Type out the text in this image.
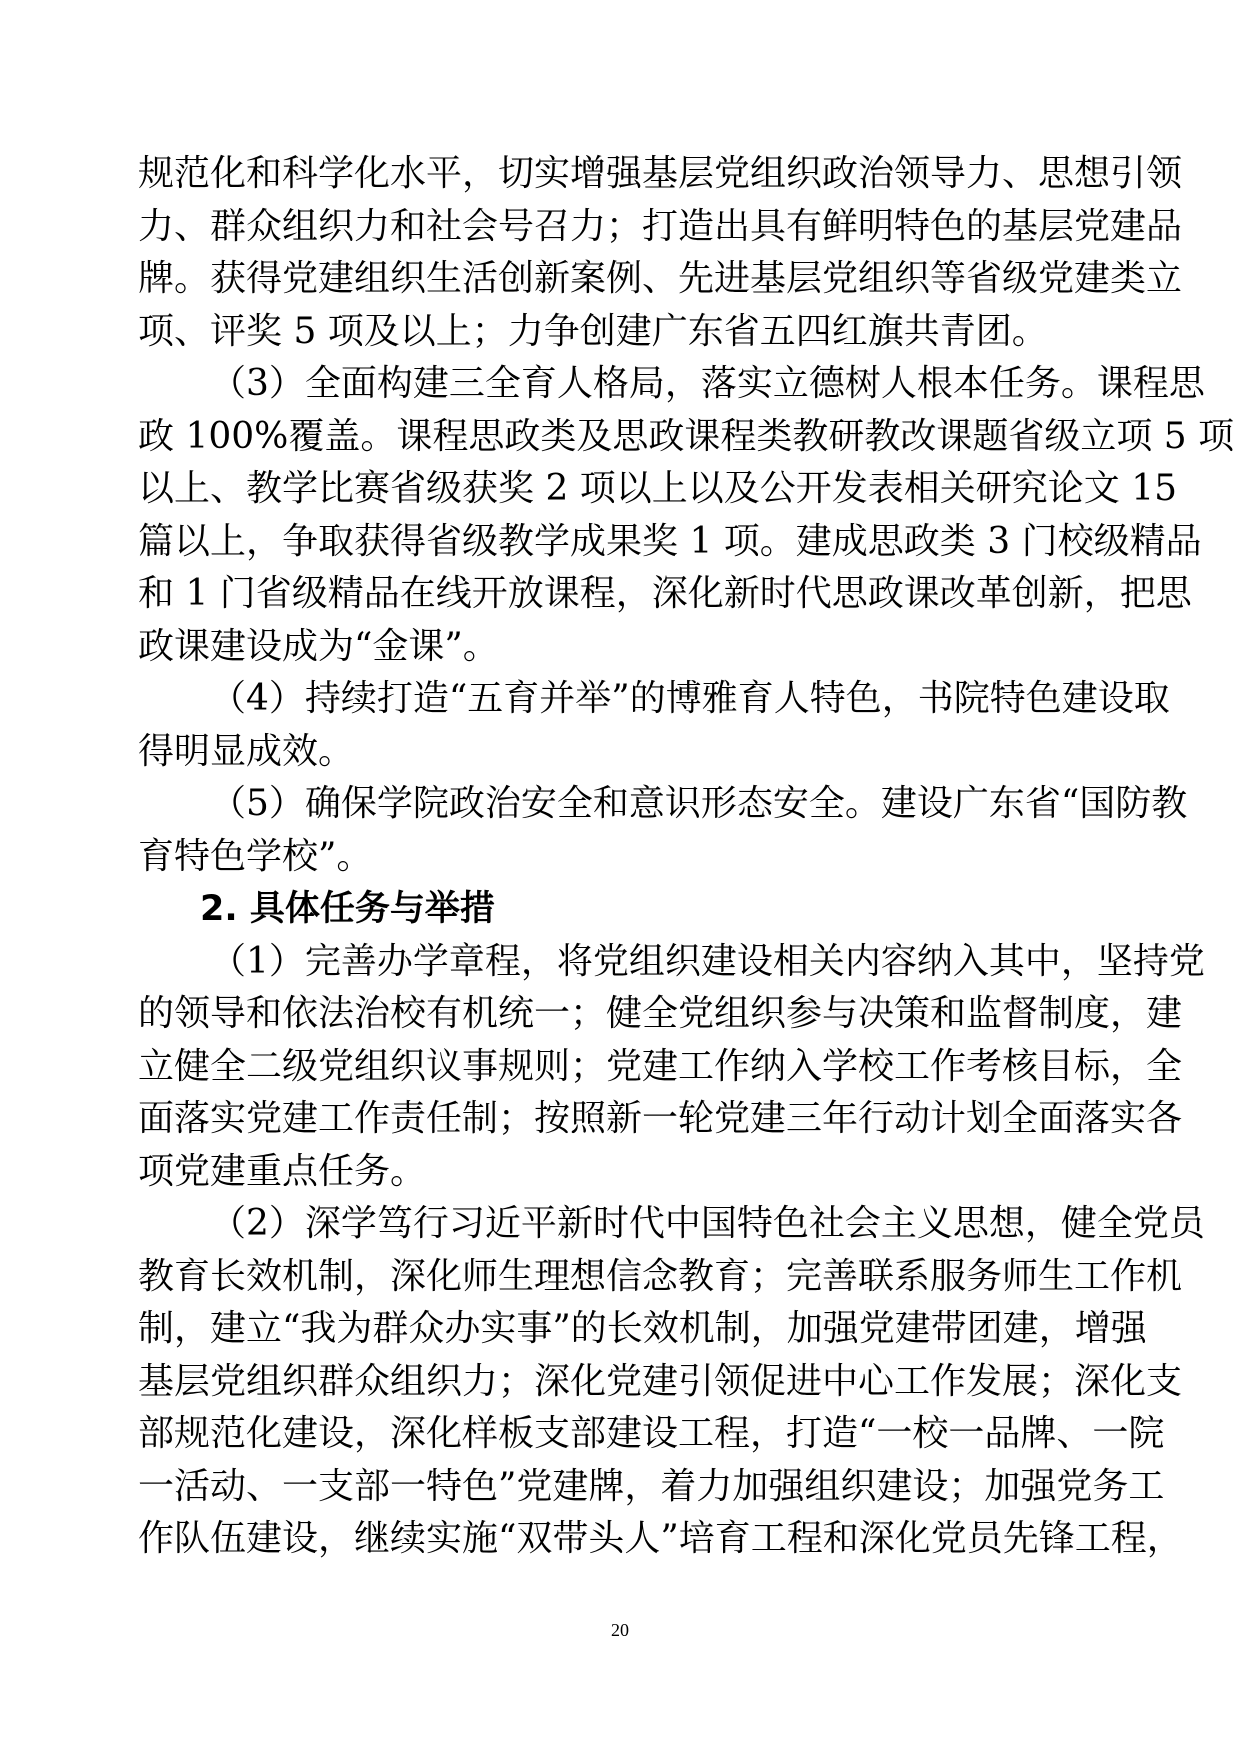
规范化和科学化水平，切实增强基层党组织政治领导力、思想引领
力、群众组织力和社会号召力；打造出具有鲜明特色的基层党建品
牌。获得党建组织生活创新案例、先进基层党组织等省级党建类立
项、评奖 5 项及以上；力争创建广东省五四红旗共青团。
（3）全面构建三全育人格局，落实立德树人根本任务。课程思
政 100%覆盖。课程思政类及思政课程类教研教改课题省级立项 5 项
以上、教学比赛省级获奖 2 项以上以及公开发表相关研究论文 15
篇以上，争取获得省级教学成果奖 1 项。建成思政类 3 门校级精品
和 1 门省级精品在线开放课程，深化新时代思政课改革创新，把思
政课建设成为“金课”。
（4）持续打造“五育并举”的博雅育人特色，书院特色建设取
得明显成效。
（5）确保学院政治安全和意识形态安全。建设广东省“国防教
育特色学校”。
2. 具体任务与举措
（1）完善办学章程，将党组织建设相关内容纳入其中，坚持党
的领导和依法治校有机统一；健全党组织参与决策和监督制度，建
立健全二级党组织议事规则；党建工作纳入学校工作考核目标，全
面落实党建工作责任制；按照新一轮党建三年行动计划全面落实各
项党建重点任务。
（2）深学笃行习近平新时代中国特色社会主义思想，健全党员
教育长效机制，深化师生理想信念教育；完善联系服务师生工作机
制，建立“我为群众办实事”的长效机制，加强党建带团建，增强
基层党组织群众组织力；深化党建引领促进中心工作发展；深化支
部规范化建设，深化样板支部建设工程，打造“一校一品牌、一院
一活动、一支部一特色”党建牌，着力加强组织建设；加强党务工
作队伍建设，继续实施“双带头人”培育工程和深化党员先锋工程，
20
